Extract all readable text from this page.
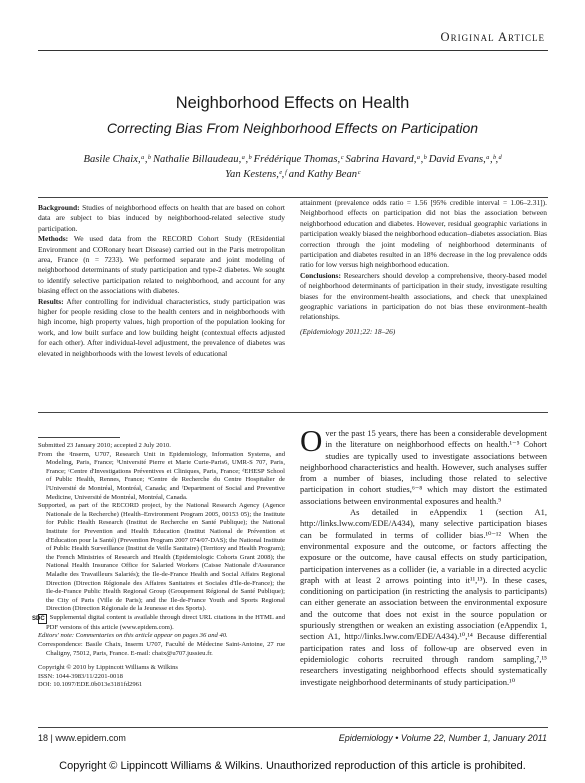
Original Article
Neighborhood Effects on Health
Correcting Bias From Neighborhood Effects on Participation
Basile Chaix,ᵃ,ᵇ Nathalie Billaudeau,ᵃ,ᵇ Frédérique Thomas,ᶜ Sabrina Havard,ᵃ,ᵇ David Evans,ᵃ,ᵇ,ᵈ
Yan Kestens,ᵉ,ᶠ and Kathy Beanᶜ

Background: Studies of neighborhood effects on health that are based on cohort data are subject to bias induced by neighborhood-related selective study participation.

Methods: We used data from the RECORD Cohort Study (REsidential Environment and CORonary heart Disease) carried out in the Paris metropolitan area, France (n = 7233). We performed separate and joint modeling of neighborhood determinants of study participation and type-2 diabetes. We sought to identify selective participation related to neighborhood, and account for any biasing effect on the associations with diabetes.

Results: After controlling for individual characteristics, study participation was higher for people residing close to the health centers and in neighborhoods with high income, high property values, high proportion of the population looking for work, and low built surface and low building height (contextual effects adjusted for each other). After individual-level adjustment, the prevalence of diabetes was elevated in neighborhoods with the lowest levels of educational

attainment (prevalence odds ratio = 1.56 [95% credible interval = 1.06–2.31]). Neighborhood effects on participation did not bias the association between neighborhood education and diabetes. However, residual geographic variations in participation weakly biased the neighborhood education–diabetes association. Bias correction through the joint modeling of neighborhood determinants of participation and diabetes resulted in an 18% decrease in the log prevalence odds ratio for low versus high neighborhood education.

Conclusions: Researchers should develop a comprehensive, theory-based model of neighborhood determinants of participation in their study, investigate resulting biases for the environment-health associations, and check that unexplained geographic variations in participation do not bias these environment–health relationships.

(Epidemiology 2011;22: 18–26)

Submitted 23 January 2010; accepted 2 July 2010.

From the ᵃInserm, U707, Research Unit in Epidemiology, Information Systems, and Modeling, Paris, France; ᵇUniversité Pierre et Marie Curie-Paris6, UMR-S 707, Paris, France; ᶜCentre d'Investigations Préventives et Cliniques, Paris, France; ᵈEHESP School of Public Health, Rennes, France; ᵉCentre de Recherche du Centre Hospitalier de l'Université de Montréal, Montréal, Canada; and ᶠDepartment of Social and Preventive Medicine, Université de Montréal, Montréal, Canada.

Supported, as part of the RECORD project, by the National Research Agency (Agence Nationale de la Recherche) (Health–Environment Program 2005, 00153 05); the Institute for Public Health Research (Institut de Recherche en Santé Publique); the National Institute for Prevention and Health Education (Institut National de Prévention et d'Education pour la Santé) (Prevention Program 2007 074/07-DAS); the National Institute of Public Health Surveillance (Institut de Veille Sanitaire) (Territory and Health Program); the French Ministries of Research and Health (Epidemiologic Cohorts Grant 2008); the National Health Insurance Office for Salaried Workers (Caisse Nationale d'Assurance Maladie des Travailleurs Salariés); the Ile-de-France Health and Social Affairs Regional Direction (Direction Régionale des Affaires Sanitaires et Sociales d'Ile-de-France); the Ile-de-France Public Health Regional Group (Groupement Régional de Santé Publique); the City of Paris (Ville de Paris); and the Ile-de-France Youth and Sports Regional Direction (Direction Régionale de la Jeunesse et des Sports).

SDC Supplemental digital content is available through direct URL citations in the HTML and PDF versions of this article (www.epidem.com).

Editors' note: Commentaries on this article appear on pages 36 and 40.

Correspondence: Basile Chaix, Inserm U707, Faculté de Médecine Saint-Antoine, 27 rue Chaligny, 75012, Paris, France. E-mail: chaix@u707.jussieu.fr.

Copyright © 2010 by Lippincott Williams & Wilkins

ISSN: 1044-3983/11/2201-0018

DOI: 10.1097/EDE.0b013e3181fd2961

Over the past 15 years, there has been a considerable development in the literature on neighborhood effects on health.¹⁻⁵ Cohort studies are typically used to investigate associations between neighborhood characteristics and health. However, such analyses suffer from a number of biases, including those related to selective participation in cohort studies,⁶⁻⁸ which may distort the estimated associations between environmental exposures and health.⁹

As detailed in eAppendix 1 (section A1, http://links.lww.com/EDE/A434), many selective participation biases can be formulated in terms of collider bias.¹⁰⁻¹² When the environmental exposure and the outcome, or factors affecting the exposure or the outcome, have causal effects on study participation, participation intervenes as a collider (ie, a variable in a directed acyclic graph with at least 2 arrows pointing into it¹¹,¹³). In these cases, conditioning on participation (in restricting the analysis to participants) can either generate an association between the environmental exposure and the outcome that does not exist in the source population or spuriously strengthen or weaken an existing association (eAppendix 1, section A1, http://links.lww.com/EDE/A434).¹⁰,¹⁴ Because differential participation rates and loss of follow-up are observed even in epidemiologic cohorts recruited through random sampling,⁷,¹⁵ researchers investigating neighborhood effects should systematically investigate neighborhood determinants of study participation.¹⁰

18 | www.epidem.com	Epidemiology • Volume 22, Number 1, January 2011
Copyright © Lippincott Williams & Wilkins. Unauthorized reproduction of this article is prohibited.
